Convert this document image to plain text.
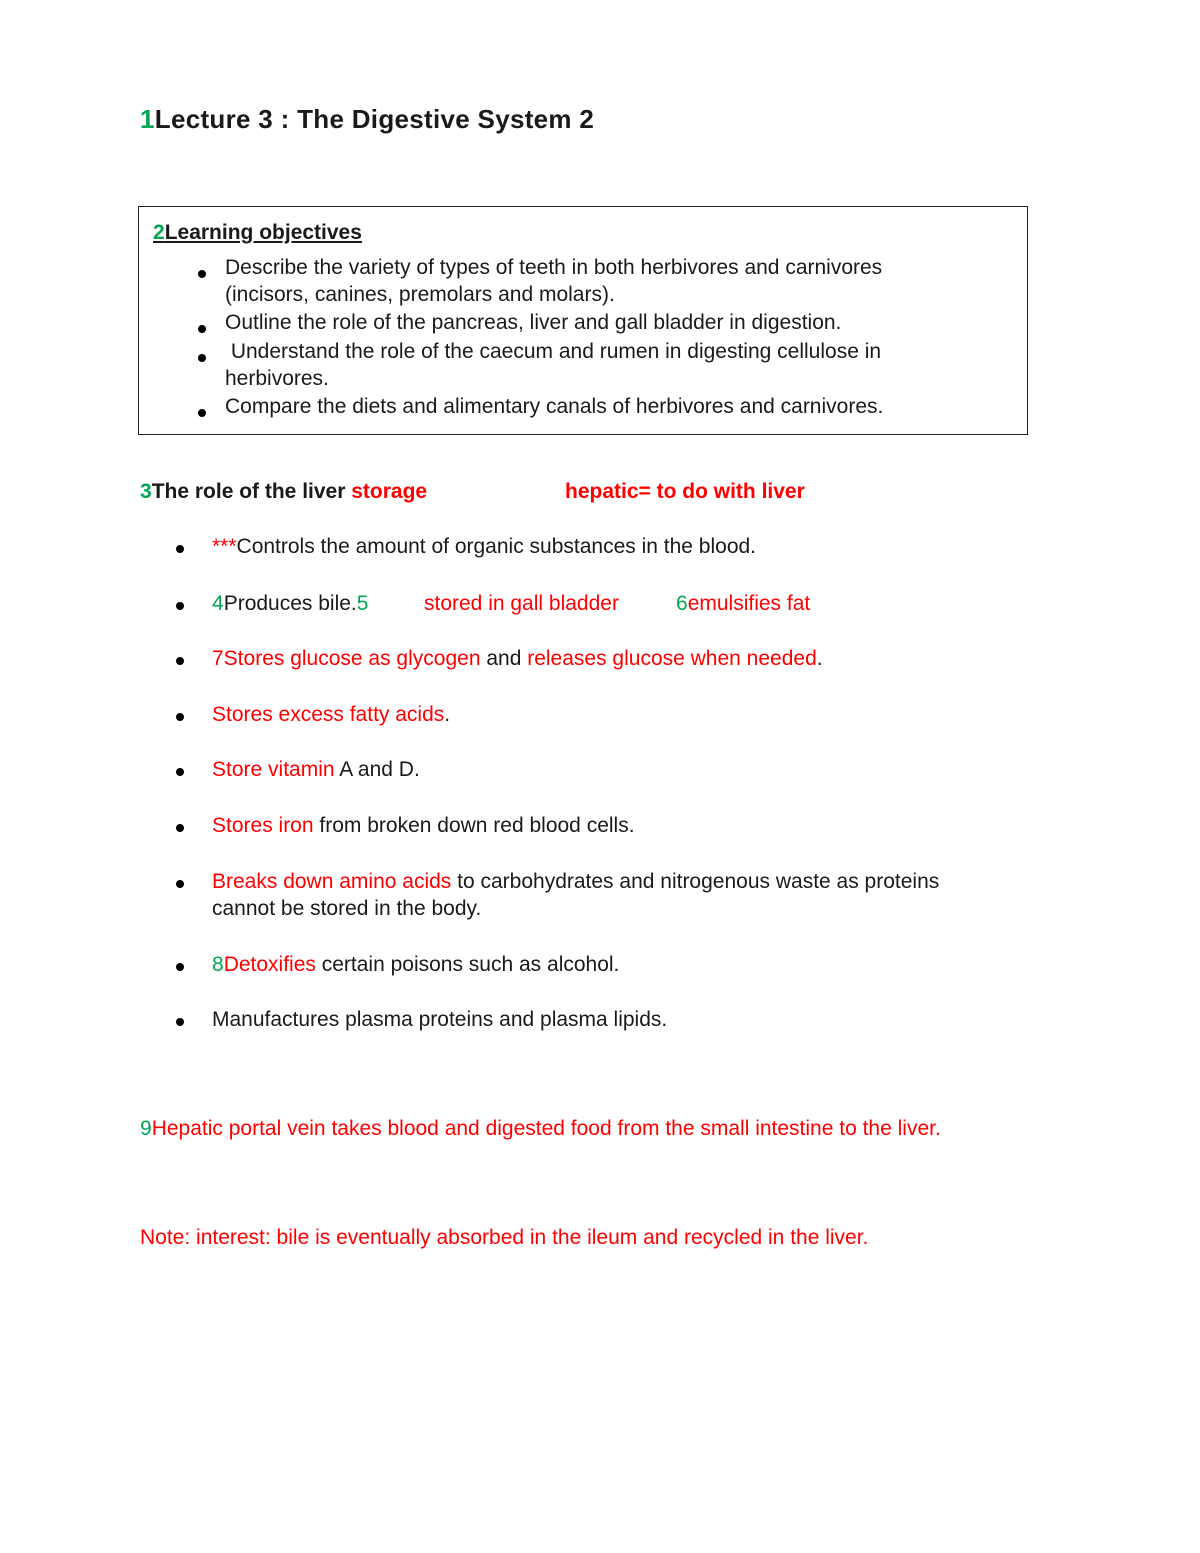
1Lecture 3 : The Digestive System 2
2Learning objectives
Describe the variety of types of teeth in both herbivores and carnivores
(incisors, canines, premolars and molars).
Outline the role of the pancreas, liver and gall bladder in digestion.
Understand the role of the caecum and rumen in digesting cellulose in
herbivores.
Compare the diets and alimentary canals of herbivores and carnivores.
3The role of the liver storage	hepatic= to do with liver
***Controls the amount of organic substances in the blood.
4Produces bile.5	stored in gall bladder	6emulsifies fat
7Stores glucose as glycogen and releases glucose when needed.
Stores excess fatty acids.
Store vitamin A and D.
Stores iron from broken down red blood cells.
Breaks down amino acids to carbohydrates and nitrogenous waste as proteins
cannot be stored in the body.
8Detoxifies certain poisons such as alcohol.
Manufactures plasma proteins and plasma lipids.
9Hepatic portal vein takes blood and digested food from the small intestine to the liver.
Note: interest: bile is eventually absorbed in the ileum and recycled in the liver.
